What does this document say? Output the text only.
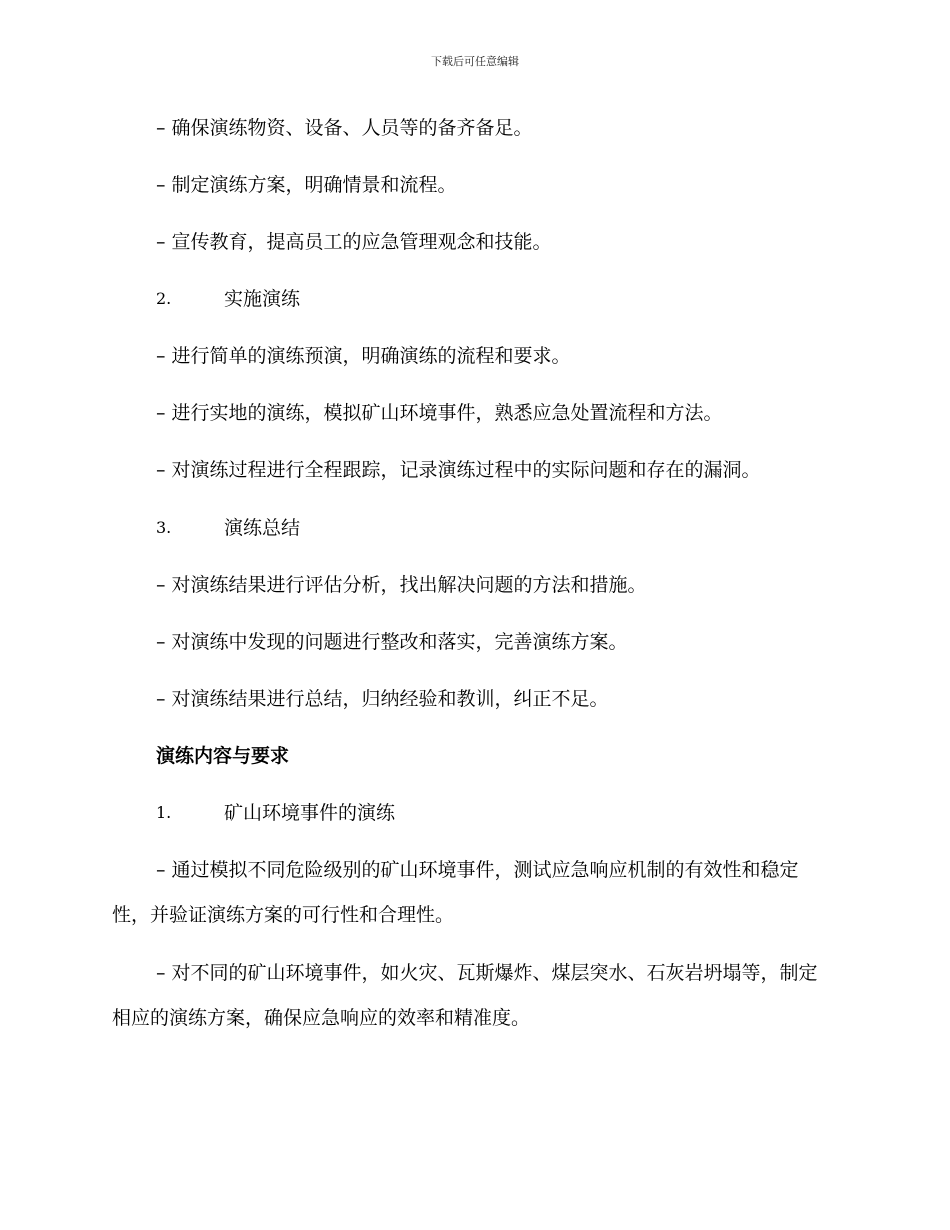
下载后可任意编辑
– 确保演练物资、设备、人员等的备齐备足。
– 制定演练方案，明确情景和流程。
– 宣传教育，提高员工的应急管理观念和技能。
2.	实施演练
– 进行简单的演练预演，明确演练的流程和要求。
– 进行实地的演练，模拟矿山环境事件，熟悉应急处置流程和方法。
– 对演练过程进行全程跟踪，记录演练过程中的实际问题和存在的漏洞。
3.	演练总结
– 对演练结果进行评估分析，找出解决问题的方法和措施。
– 对演练中发现的问题进行整改和落实，完善演练方案。
– 对演练结果进行总结，归纳经验和教训，纠正不足。
演练内容与要求
1.	矿山环境事件的演练
– 通过模拟不同危险级别的矿山环境事件，测试应急响应机制的有效性和稳定性，并验证演练方案的可行性和合理性。
– 对不同的矿山环境事件，如火灾、瓦斯爆炸、煤层突水、石灰岩坍塌等，制定相应的演练方案，确保应急响应的效率和精准度。
